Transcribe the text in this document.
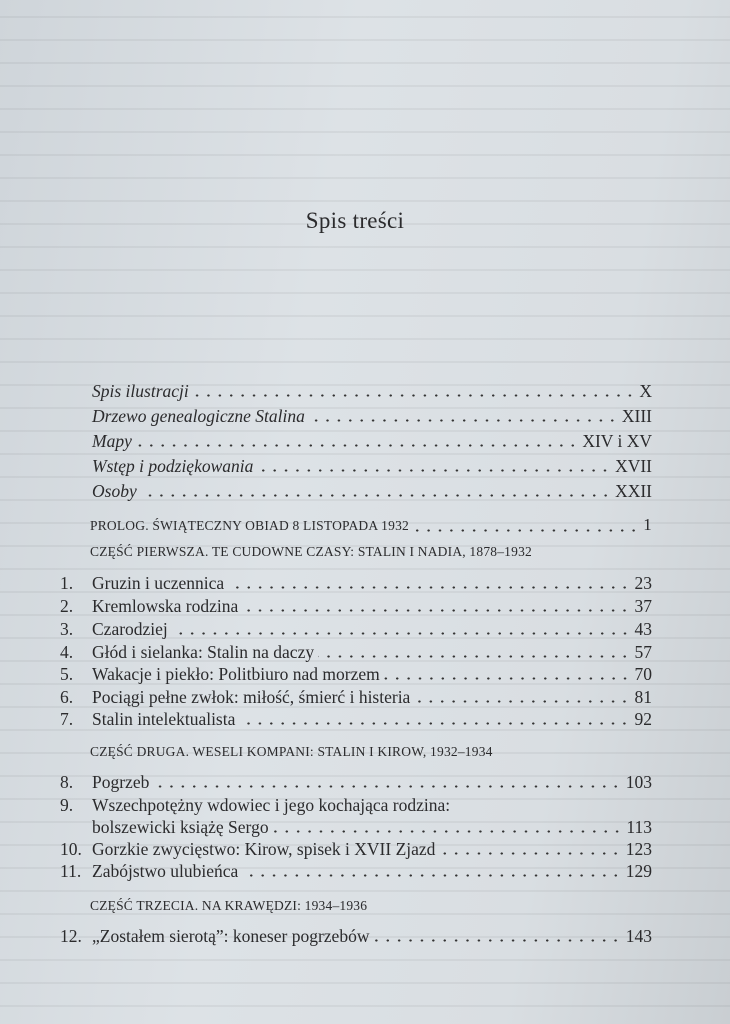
Spis treści
Spis ilustracji	X
Drzewo genealogiczne Stalina	XIII
Mapy	XIV i XV
Wstęp i podziękowania	XVII
Osoby	XXII
PROLOG. ŚWIĄTECZNY OBIAD 8 LISTOPADA 1932	1
CZĘŚĆ PIERWSZA. TE CUDOWNE CZASY: STALIN I NADIA, 1878–1932
1.	Gruzin i uczennica	23
2.	Kremlowska rodzina	37
3.	Czarodziej	43
4.	Głód i sielanka: Stalin na daczy	57
5.	Wakacje i piekło: Politbiuro nad morzem	70
6.	Pociągi pełne zwłok: miłość, śmierć i histeria	81
7.	Stalin intelektualista	92
CZĘŚĆ DRUGA. WESELI KOMPANI: STALIN I KIROW, 1932–1934
8.	Pogrzeb	103
9.	Wszechpotężny wdowiec i jego kochająca rodzina:
bolszewicki książę Sergo	113
10. Gorzkie zwycięstwo: Kirow, spisek i XVII Zjazd	123
11. Zabójstwo ulubieńca	129
CZĘŚĆ TRZECIA. NA KRAWĘDZI: 1934–1936
12. „Zostałem sierotą”: koneser pogrzebów	143
